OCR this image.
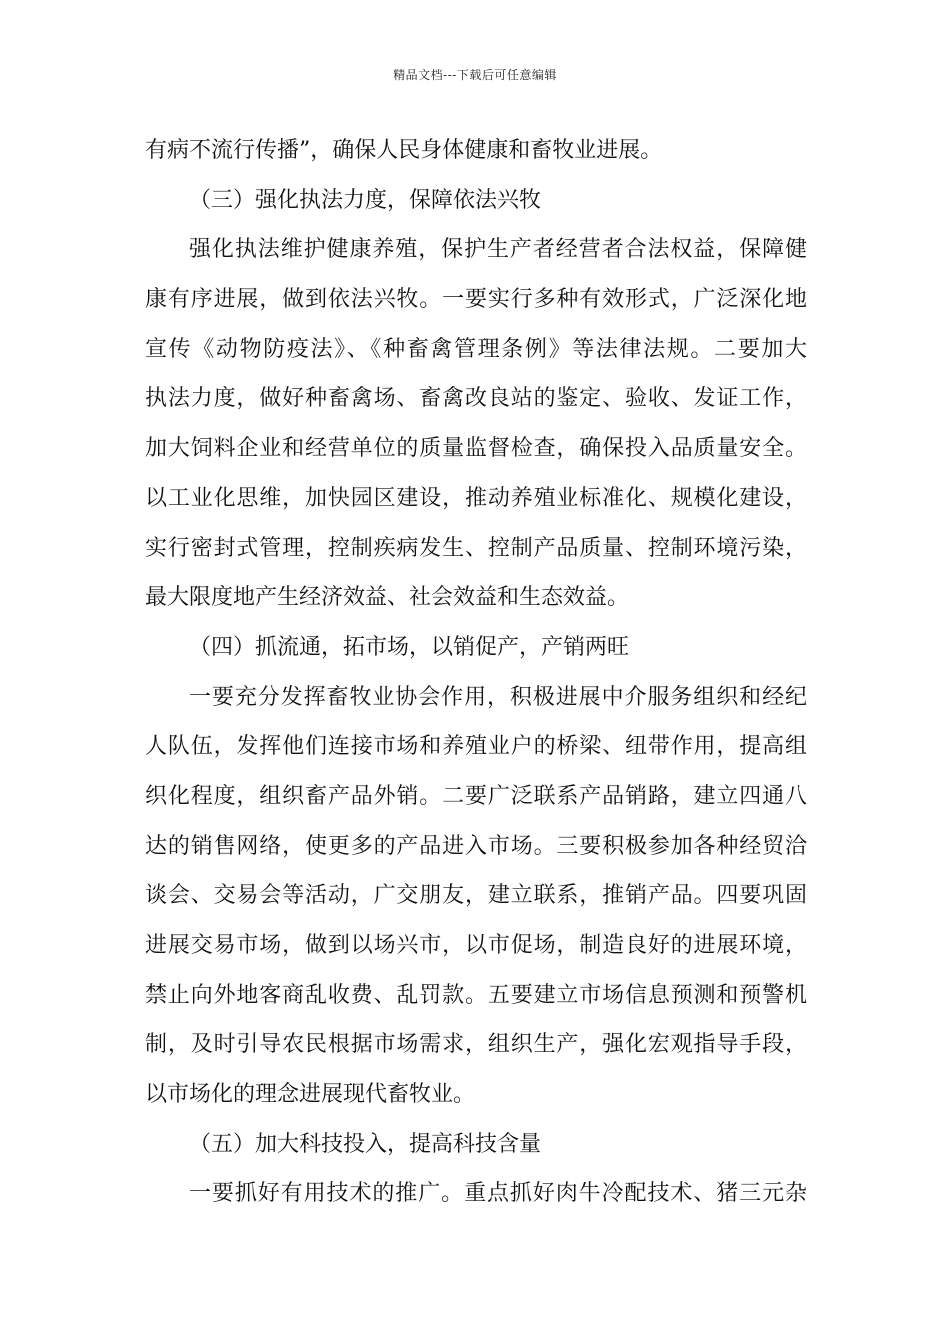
精品文档---下载后可任意编辑
有病不流行传播”，确保人民身体健康和畜牧业进展。
（三）强化执法力度，保障依法兴牧
强化执法维护健康养殖，保护生产者经营者合法权益，保障健
康有序进展，做到依法兴牧。一要实行多种有效形式，广泛深化地
宣传《动物防疫法》、《种畜禽管理条例》等法律法规。二要加大
执法力度，做好种畜禽场、畜禽改良站的鉴定、验收、发证工作，
加大饲料企业和经营单位的质量监督检查，确保投入品质量安全。
以工业化思维，加快园区建设，推动养殖业标准化、规模化建设，
实行密封式管理，控制疾病发生、控制产品质量、控制环境污染，
最大限度地产生经济效益、社会效益和生态效益。
（四）抓流通，拓市场，以销促产，产销两旺
一要充分发挥畜牧业协会作用，积极进展中介服务组织和经纪
人队伍，发挥他们连接市场和养殖业户的桥梁、纽带作用，提高组
织化程度，组织畜产品外销。二要广泛联系产品销路，建立四通八
达的销售网络，使更多的产品进入市场。三要积极参加各种经贸洽
谈会、交易会等活动，广交朋友，建立联系，推销产品。四要巩固
进展交易市场，做到以场兴市，以市促场，制造良好的进展环境，
禁止向外地客商乱收费、乱罚款。五要建立市场信息预测和预警机
制，及时引导农民根据市场需求，组织生产，强化宏观指导手段，
以市场化的理念进展现代畜牧业。
（五）加大科技投入，提高科技含量
一要抓好有用技术的推广。重点抓好肉牛冷配技术、猪三元杂
